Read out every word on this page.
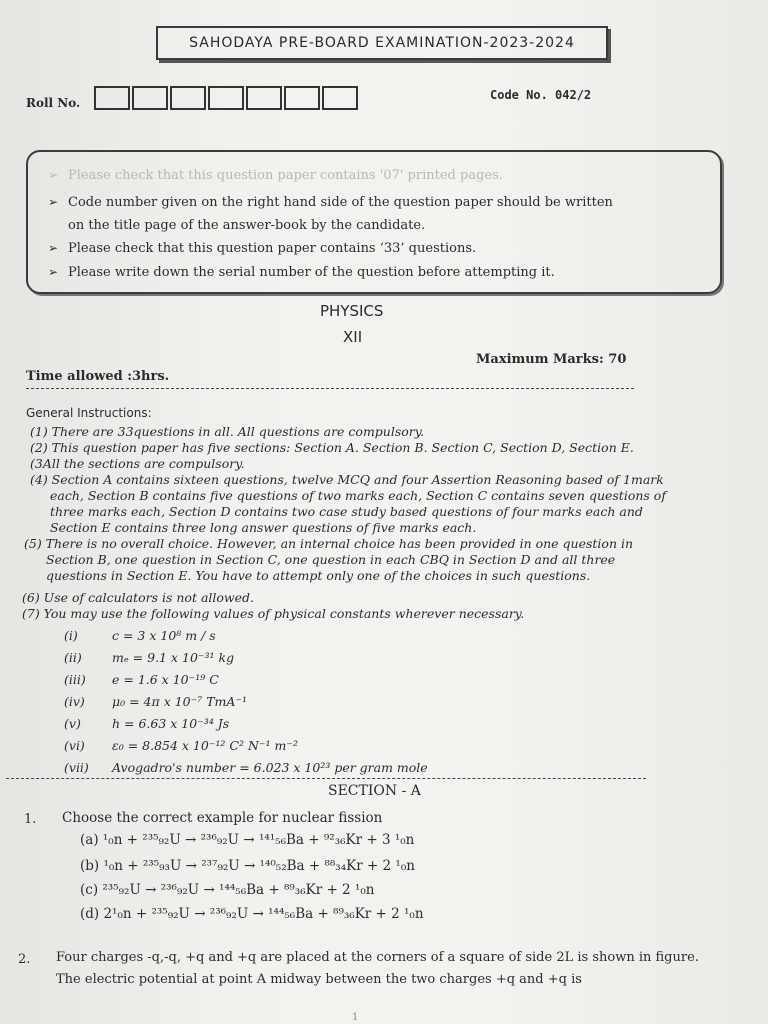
SAHODAYA PRE-BOARD EXAMINATION-2023-2024
Roll No.
Code No. 042/2
➢ Please check that this question paper contains '07' printed pages.
➢ Code number given on the right hand side of the question paper should be written
on the title page of the answer-book by the candidate.
➢ Please check that this question paper contains ‘33’ questions.
➢ Please write down the serial number of the question before attempting it.
PHYSICS
XII
Time allowed :3hrs.
Maximum Marks: 70
General Instructions:
(1) There are 33questions in all. All questions are compulsory.
(2) This question paper has five sections: Section A. Section B. Section C, Section D, Section E.
(3All the sections are compulsory.
(4) Section A contains sixteen questions, twelve MCQ and four Assertion Reasoning based of 1mark
each, Section B contains five questions of two marks each, Section C contains seven questions of
three marks each, Section D contains two case study based questions of four marks each and
Section E contains three long answer questions of five marks each.
(5) There is no overall choice. However, an internal choice has been provided in one question in
Section B, one question in Section C, one question in each CBQ in Section D and all three
questions in Section E. You have to attempt only one of the choices in such questions.
(6) Use of calculators is not allowed.
(7) You may use the following values of physical constants wherever necessary.
(i)	c = 3 x 10⁸ m / s
(ii) mₑ = 9.1 x 10⁻³¹ kg
(iii) e = 1.6 x 10⁻¹⁹ C
(iv) μ₀ = 4π x 10⁻⁷ TmA⁻¹
(v) h = 6.63 x 10⁻³⁴ Js
(vi) ε₀ = 8.854 x 10⁻¹² C² N⁻¹ m⁻²
(vii) Avogadro's number = 6.023 x 10²³ per gram mole
SECTION - A
1. Choose the correct example for nuclear fission
(a) ¹₀n + ²³⁵₉₂U → ²³⁶₉₂U → ¹⁴¹₅₆Ba + ⁹²₃₆Kr + 3 ¹₀n
(b) ¹₀n + ²³⁵₉₃U → ²³⁷₉₂U → ¹⁴⁰₅₂Ba + ⁸⁸₃₄Kr + 2 ¹₀n
(c) ²³⁵₉₂U → ²³⁶₉₂U → ¹⁴⁴₅₆Ba + ⁸⁹₃₆Kr + 2 ¹₀n
(d) 2¹₀n + ²³⁵₉₂U → ²³⁶₉₂U → ¹⁴⁴₅₆Ba + ⁸⁹₃₆Kr + 2 ¹₀n
2. Four charges -q,-q, +q and +q are placed at the corners of a square of side 2L is shown in figure.
The electric potential at point A midway between the two charges +q and +q is
1
